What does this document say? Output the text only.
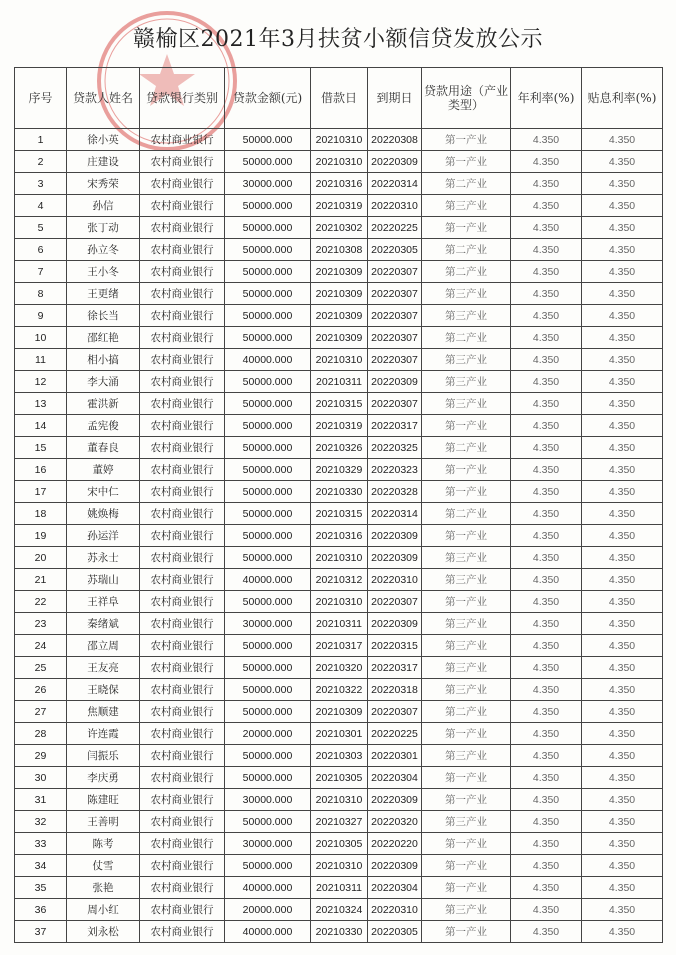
赣榆区2021年3月扶贫小额信贷发放公示
序号	贷款人姓名	贷款银行类别	贷款金额(元)	借款日	到期日	贷款用途（产业类型）	年利率(%)	贴息利率(%)
1	徐小英	农村商业银行	50000.000	20210310	20220308	第一产业	4.350	4.350
2	庄建设	农村商业银行	50000.000	20210310	20220309	第一产业	4.350	4.350
3	宋秀荣	农村商业银行	30000.000	20210316	20220314	第二产业	4.350	4.350
4	孙信	农村商业银行	50000.000	20210319	20220310	第三产业	4.350	4.350
5	张丁动	农村商业银行	50000.000	20210302	20220225	第一产业	4.350	4.350
6	孙立冬	农村商业银行	50000.000	20210308	20220305	第二产业	4.350	4.350
7	王小冬	农村商业银行	50000.000	20210309	20220307	第二产业	4.350	4.350
8	王更绪	农村商业银行	50000.000	20210309	20220307	第三产业	4.350	4.350
9	徐长当	农村商业银行	50000.000	20210309	20220307	第三产业	4.350	4.350
10	邵红艳	农村商业银行	50000.000	20210309	20220307	第二产业	4.350	4.350
11	相小搞	农村商业银行	40000.000	20210310	20220307	第三产业	4.350	4.350
12	李大涌	农村商业银行	50000.000	20210311	20220309	第三产业	4.350	4.350
13	霍洪新	农村商业银行	50000.000	20210315	20220307	第三产业	4.350	4.350
14	孟宪俊	农村商业银行	50000.000	20210319	20220317	第一产业	4.350	4.350
15	董春良	农村商业银行	50000.000	20210326	20220325	第二产业	4.350	4.350
16	董婷	农村商业银行	50000.000	20210329	20220323	第一产业	4.350	4.350
17	宋中仁	农村商业银行	50000.000	20210330	20220328	第一产业	4.350	4.350
18	姚焕梅	农村商业银行	50000.000	20210315	20220314	第二产业	4.350	4.350
19	孙运洋	农村商业银行	50000.000	20210316	20220309	第一产业	4.350	4.350
20	苏永士	农村商业银行	50000.000	20210310	20220309	第三产业	4.350	4.350
21	苏瑞山	农村商业银行	40000.000	20210312	20220310	第三产业	4.350	4.350
22	王祥阜	农村商业银行	50000.000	20210310	20220307	第一产业	4.350	4.350
23	秦绪斌	农村商业银行	30000.000	20210311	20220309	第三产业	4.350	4.350
24	邵立周	农村商业银行	50000.000	20210317	20220315	第三产业	4.350	4.350
25	王友亮	农村商业银行	50000.000	20210320	20220317	第三产业	4.350	4.350
26	王晓保	农村商业银行	50000.000	20210322	20220318	第三产业	4.350	4.350
27	焦顺建	农村商业银行	50000.000	20210309	20220307	第二产业	4.350	4.350
28	许连霞	农村商业银行	20000.000	20210301	20220225	第一产业	4.350	4.350
29	闫振乐	农村商业银行	50000.000	20210303	20220301	第三产业	4.350	4.350
30	李庆勇	农村商业银行	50000.000	20210305	20220304	第一产业	4.350	4.350
31	陈建旺	农村商业银行	30000.000	20210310	20220309	第一产业	4.350	4.350
32	王善明	农村商业银行	50000.000	20210327	20220320	第三产业	4.350	4.350
33	陈考	农村商业银行	30000.000	20210305	20220220	第一产业	4.350	4.350
34	仗雪	农村商业银行	50000.000	20210310	20220309	第一产业	4.350	4.350
35	张艳	农村商业银行	40000.000	20210311	20220304	第一产业	4.350	4.350
36	周小红	农村商业银行	20000.000	20210324	20220310	第三产业	4.350	4.350
37	刘永松	农村商业银行	40000.000	20210330	20220305	第一产业	4.350	4.350
